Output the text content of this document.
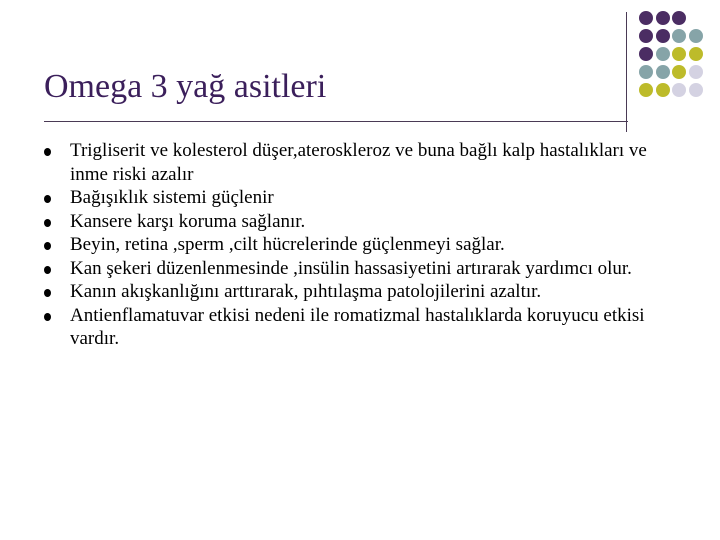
Omega 3 yağ asitleri
Trigliserit ve kolesterol düşer,ateroskleroz ve buna bağlı kalp hastalıkları ve inme riski azalır
Bağışıklık sistemi güçlenir
Kansere karşı koruma sağlanır.
Beyin, retina ,sperm ,cilt hücrelerinde güçlenmeyi sağlar.
Kan şekeri düzenlenmesinde ,insülin hassasiyetini artırarak yardımcı olur.
Kanın akışkanlığını arttırarak, pıhtılaşma patolojilerini azaltır.
Antienflamatuvar etkisi nedeni ile romatizmal hastalıklarda koruyucu etkisi vardır.
